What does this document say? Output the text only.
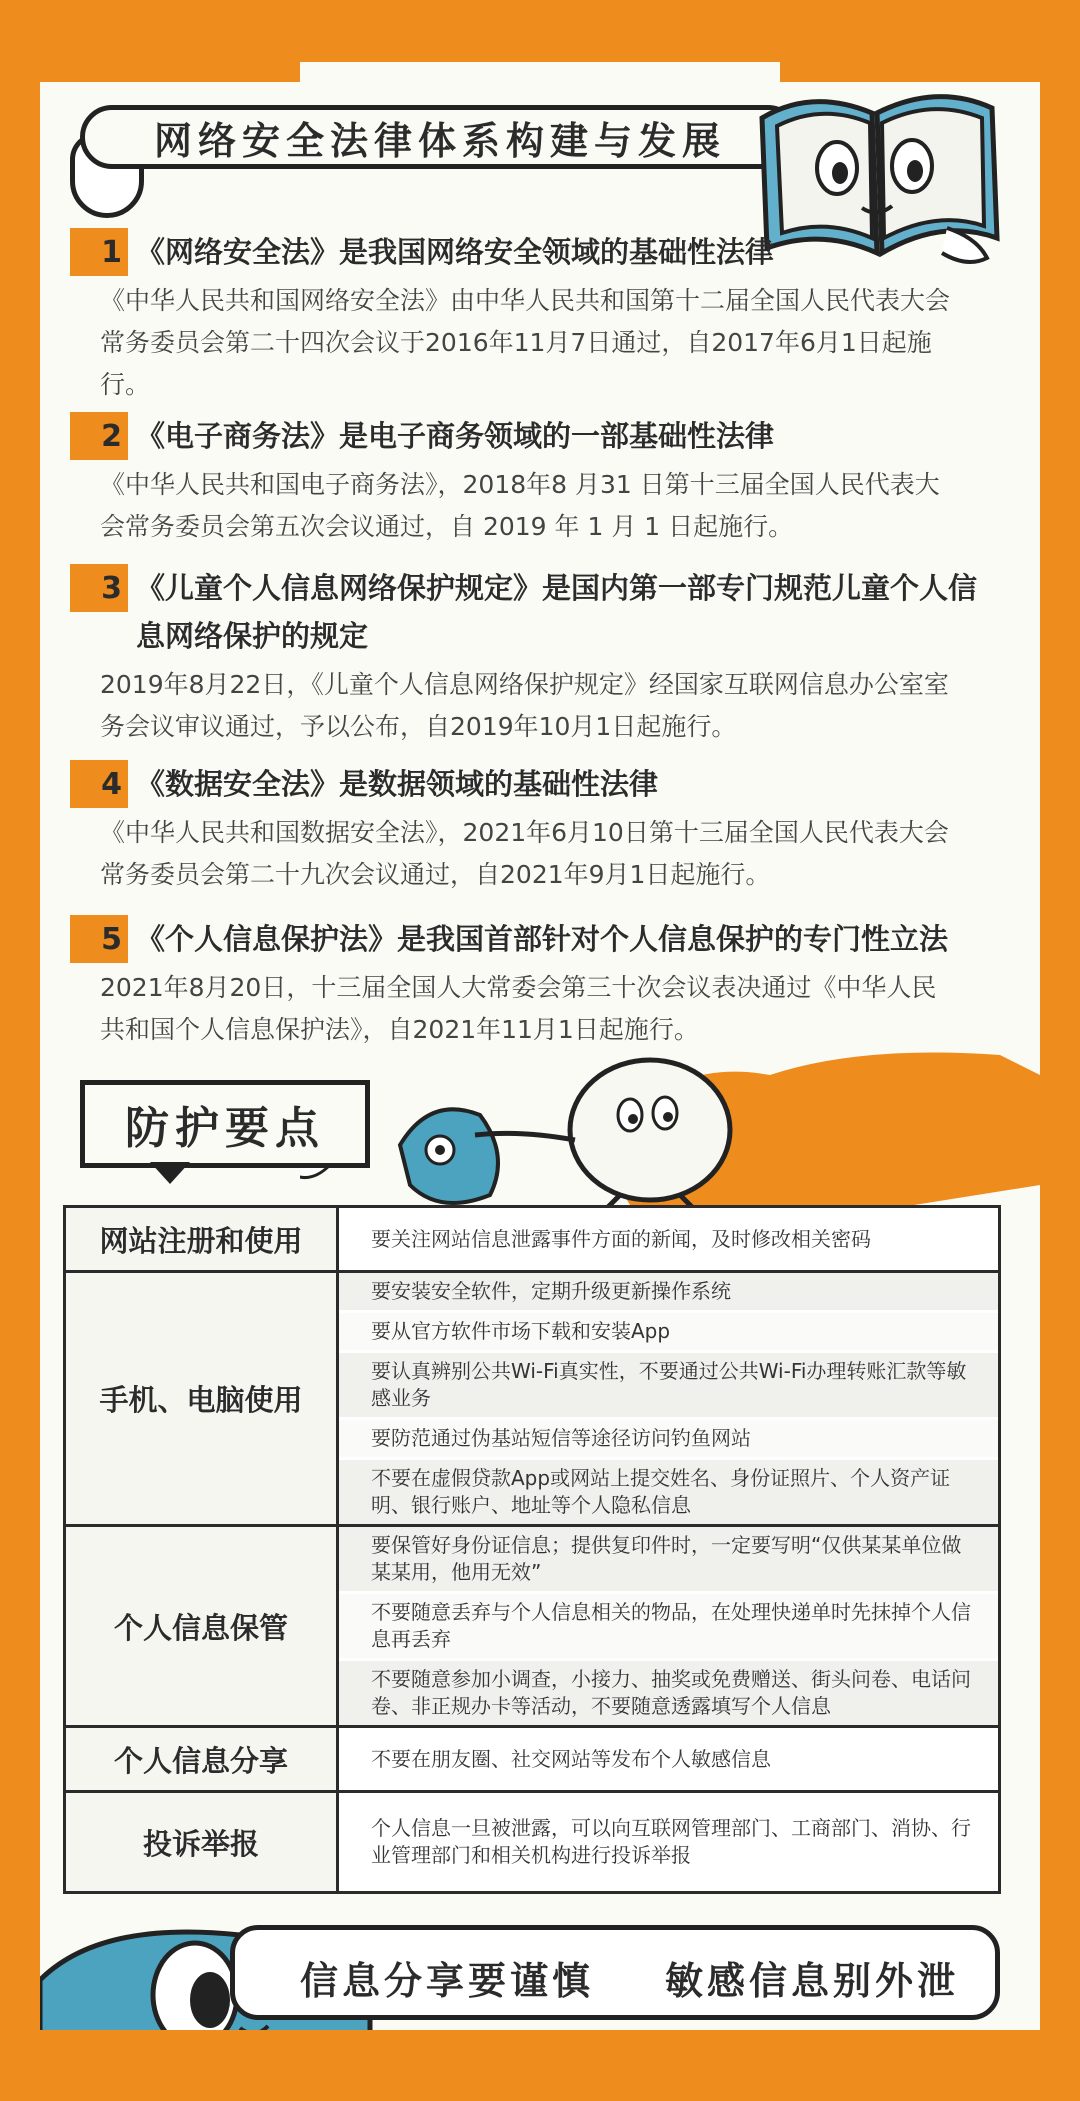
网络安全法律体系构建与发展
1 《网络安全法》是我国网络安全领域的基础性法律
《中华人民共和国网络安全法》由中华人民共和国第十二届全国人民代表大会常务委员会第二十四次会议于2016年11月7日通过，自2017年6月1日起施行。
2 《电子商务法》是电子商务领域的一部基础性法律
《中华人民共和国电子商务法》，2018年8 月31 日第十三届全国人民代表大会常务委员会第五次会议通过，自 2019 年 1 月 1 日起施行。
3 《儿童个人信息网络保护规定》是国内第一部专门规范儿童个人信息网络保护的规定
2019年8月22日，《儿童个人信息网络保护规定》经国家互联网信息办公室室务会议审议通过，予以公布，自2019年10月1日起施行。
4 《数据安全法》是数据领域的基础性法律
《中华人民共和国数据安全法》，2021年6月10日第十三届全国人民代表大会常务委员会第二十九次会议通过，自2021年9月1日起施行。
5 《个人信息保护法》是我国首部针对个人信息保护的专门性立法
2021年8月20日，十三届全国人大常委会第三十次会议表决通过《中华人民共和国个人信息保护法》，自2021年11月1日起施行。
防护要点
网站注册和使用	要关注网站信息泄露事件方面的新闻，及时修改相关密码

手机、电脑使用	要安装安全软件，定期升级更新操作系统
要从官方软件市场下载和安装App
要认真辨别公共Wi-Fi真实性，不要通过公共Wi-Fi办理转账汇款等敏感业务
要防范通过伪基站短信等途径访问钓鱼网站
不要在虚假贷款App或网站上提交姓名、身份证照片、个人资产证明、银行账户、地址等个人隐私信息

个人信息保管	要保管好身份证信息；提供复印件时，一定要写明“仅供某某单位做某某用，他用无效”
不要随意丢弃与个人信息相关的物品，在处理快递单时先抹掉个人信息再丢弃
不要随意参加小调查，小接力、抽奖或免费赠送、街头问卷、电话问卷、非正规办卡等活动，不要随意透露填写个人信息

个人信息分享	不要在朋友圈、社交网站等发布个人敏感信息

投诉举报	个人信息一旦被泄露，可以向互联网管理部门、工商部门、消协、行业管理部门和相关机构进行投诉举报
信息分享要谨慎 敏感信息别外泄
